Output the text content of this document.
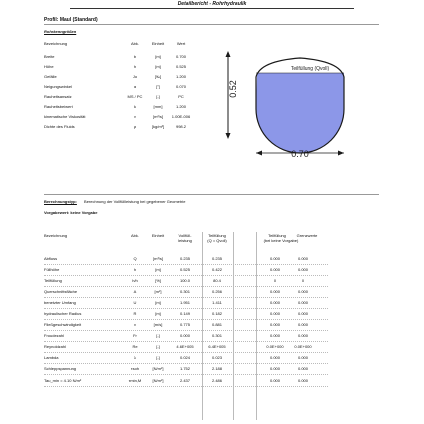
Detailbericht - Rohrhydraulik
Profil: Maul (Standard)
Rohrkenngrößen
Bezeichnung	Abk.	Einheit	Wert
Breite	b	[m]	0.700
Höhe	h	[m]	0.525
Gefälle	Jo	[‰]	1.200
Neigungswinkel	α	[°]	0.070
Rauheitsansatz	MS / PC	[-]	PC
Rauheitsbeiwert	k	[mm]	1.200
kinematische Viskosität	ν	[m²/s]	1.00E-006
Dichte des Fluids	ρ	[kg/m³]	998.2
0.52
Teilfüllung (Qvoll)
0.70
Berechnungstyp: Berechnung der Vollfüllleistung bei gegebener Geometrie
Vorgabewert: keine Vorgabe
Bezeichnung	Abk.	Einheit	Vollfüll-	Teilfüllung	Teilfüllung	Grenzwerte
leistung	(Q = Qvoll)	(bei keine Vorgabe)
Abfluss	Q	[m³/s]	0.235	0.235	0.000	0.000
Füllhöhe	h	[m]	0.525	0.422	0.000	0.000
Teilfüllung	h/h	[%]	100.0	80.4	0	0
Querschnittsfläche	A	[m²]	0.301	0.256	0.000	0.000
benetzter Umfang	U	[m]	1.951	1.411	0.000	0.000
hydraulischer Radius	R	[m]	0.149	0.182	0.000	0.000
Fließgeschwindigkeit	v	[m/s]	0.775	0.881	0.000	0.000
Froudezahl	Fr	[-]	0.000	0.301	0.000	0.000
Reynoldzahl	Re	[-]	4.6E+005	6.4E+005	0.0E+000	0.0E+000
Lambda	λ	[-]	0.024	0.023	0.000	0.000
Schleppspannung	τsoh	[N/m²]	1.752	2.188	0.000	0.000
Tau_min = 4.10 N/m²	τmin,M	[N/m²]	2.437	2.486	0.000	0.000
